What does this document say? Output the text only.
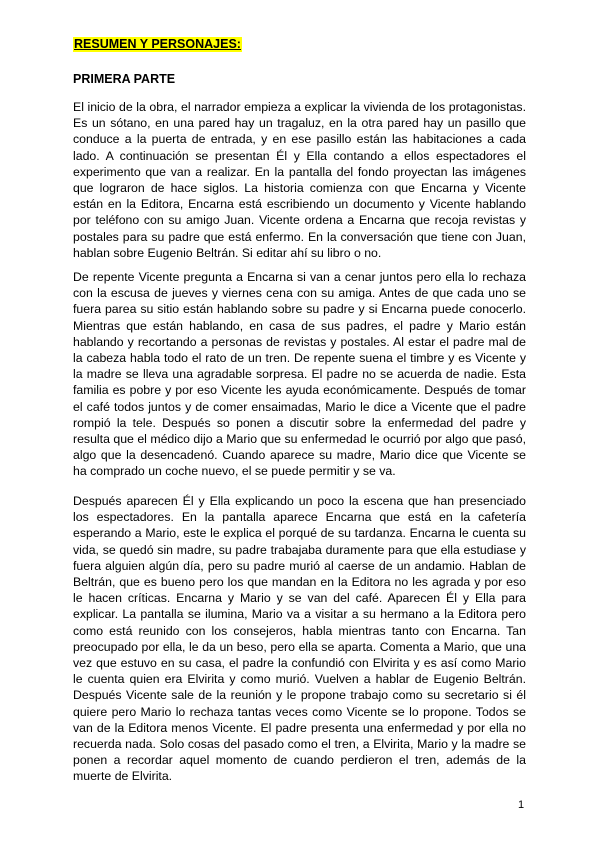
RESUMEN Y PERSONAJES:
PRIMERA PARTE

El inicio de la obra, el narrador empieza a explicar la vivienda de los protagonistas. Es un sótano, en una pared hay un tragaluz, en la otra pared hay un pasillo que conduce a la puerta de entrada, y en ese pasillo están las habitaciones a cada lado. A continuación se presentan Él y Ella contando a ellos espectadores el experimento que van a realizar. En la pantalla del fondo proyectan las imágenes que lograron de hace siglos. La historia comienza con que Encarna y Vicente están en la Editora, Encarna está escribiendo un documento y Vicente hablando por teléfono con su amigo Juan. Vicente ordena a Encarna que recoja revistas y postales para su padre que está enfermo. En la conversación que tiene con Juan, hablan sobre Eugenio Beltrán. Si editar ahí su libro o no.

De repente Vicente pregunta a Encarna si van a cenar juntos pero ella lo rechaza con la escusa de jueves y viernes cena con su amiga. Antes de que cada uno se fuera parea su sitio están hablando sobre su padre y si Encarna puede conocerlo. Mientras que están hablando, en casa de sus padres, el padre y Mario están hablando y recortando a personas de revistas y postales. Al estar el padre mal de la cabeza habla todo el rato de un tren. De repente suena el timbre y es Vicente y la madre se lleva una agradable sorpresa. El padre no se acuerda de nadie. Esta familia es pobre y por eso Vicente les ayuda económicamente. Después de tomar el café todos juntos y de comer ensaimadas, Mario le dice a Vicente que el padre rompió la tele. Después so ponen a discutir sobre la enfermedad del padre y resulta que el médico dijo a Mario que su enfermedad le ocurrió por algo que pasó, algo que la desencadenó. Cuando aparece su madre, Mario dice que Vicente se ha comprado un coche nuevo, el se puede permitir y se va.

Después aparecen Él y Ella explicando un poco la escena que han presenciado los espectadores. En la pantalla aparece Encarna que está en la cafetería esperando a Mario, este le explica el porqué de su tardanza. Encarna le cuenta su vida, se quedó sin madre, su padre trabajaba duramente para que ella estudiase y fuera alguien algún día, pero su padre murió al caerse de un andamio. Hablan de Beltrán, que es bueno pero los que mandan en la Editora no les agrada y por eso le hacen críticas. Encarna y Mario y se van del café. Aparecen Él y Ella para explicar. La pantalla se ilumina, Mario va a visitar a su hermano a la Editora pero como está reunido con los consejeros, habla mientras tanto con Encarna. Tan preocupado por ella, le da un beso, pero ella se aparta. Comenta a Mario, que una vez que estuvo en su casa, el padre la confundió con Elvirita y es así como Mario le cuenta quien era Elvirita y como murió. Vuelven a hablar de Eugenio Beltrán. Después Vicente sale de la reunión y le propone trabajo como su secretario si él quiere pero Mario lo rechaza tantas veces como Vicente se lo propone. Todos se van de la Editora menos Vicente. El padre presenta una enfermedad y por ella no recuerda nada. Solo cosas del pasado como el tren, a Elvirita, Mario y la madre se ponen a recordar aquel momento de cuando perdieron el tren, además de la muerte de Elvirita.

1
